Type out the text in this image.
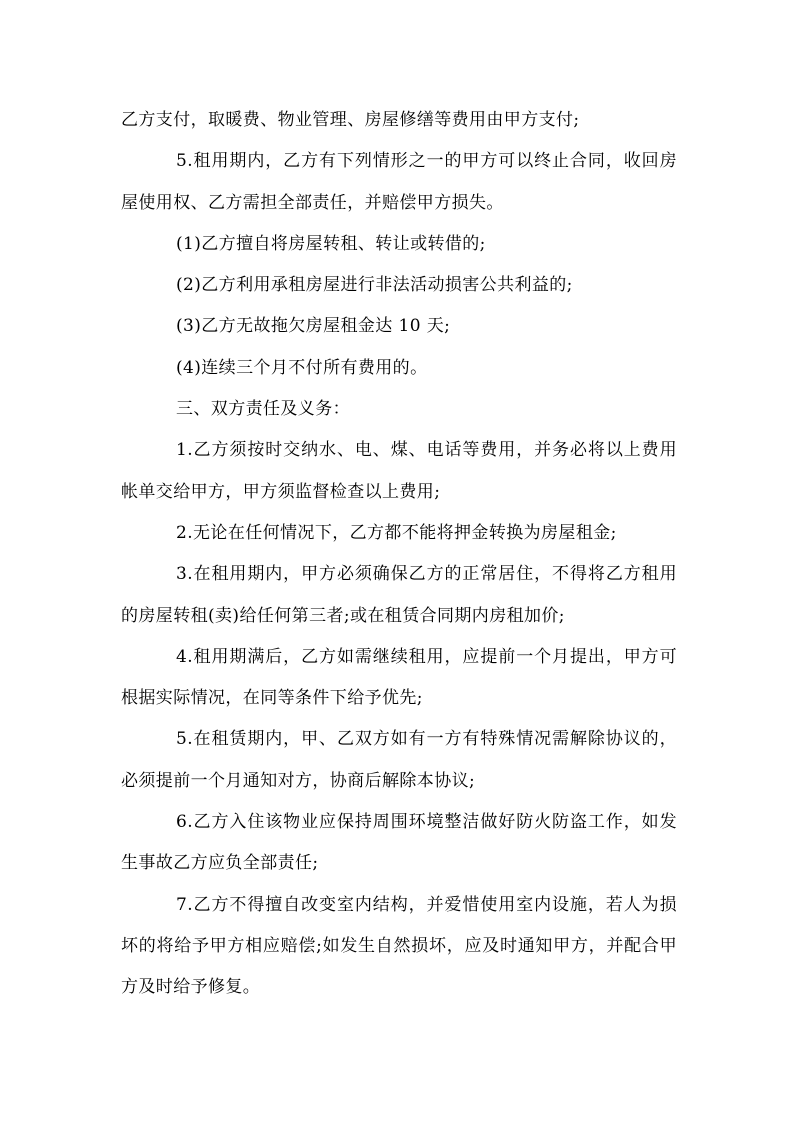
乙方支付，取暖费、物业管理、房屋修缮等费用由甲方支付;

5.租用期内，乙方有下列情形之一的甲方可以终止合同，收回房屋使用权、乙方需担全部责任，并赔偿甲方损失。

(1)乙方擅自将房屋转租、转让或转借的;

(2)乙方利用承租房屋进行非法活动损害公共利益的;

(3)乙方无故拖欠房屋租金达 10 天;

(4)连续三个月不付所有费用的。

三、双方责任及义务：

1.乙方须按时交纳水、电、煤、电话等费用，并务必将以上费用帐单交给甲方，甲方须监督检查以上费用;

2.无论在任何情况下，乙方都不能将押金转换为房屋租金;

3.在租用期内，甲方必须确保乙方的正常居住，不得将乙方租用的房屋转租(卖)给任何第三者;或在租赁合同期内房租加价;

4.租用期满后，乙方如需继续租用，应提前一个月提出，甲方可根据实际情况，在同等条件下给予优先;

5.在租赁期内，甲、乙双方如有一方有特殊情况需解除协议的，必须提前一个月通知对方，协商后解除本协议;

6.乙方入住该物业应保持周围环境整洁做好防火防盗工作，如发生事故乙方应负全部责任;

7.乙方不得擅自改变室内结构，并爱惜使用室内设施，若人为损坏的将给予甲方相应赔偿;如发生自然损坏，应及时通知甲方，并配合甲方及时给予修复。
